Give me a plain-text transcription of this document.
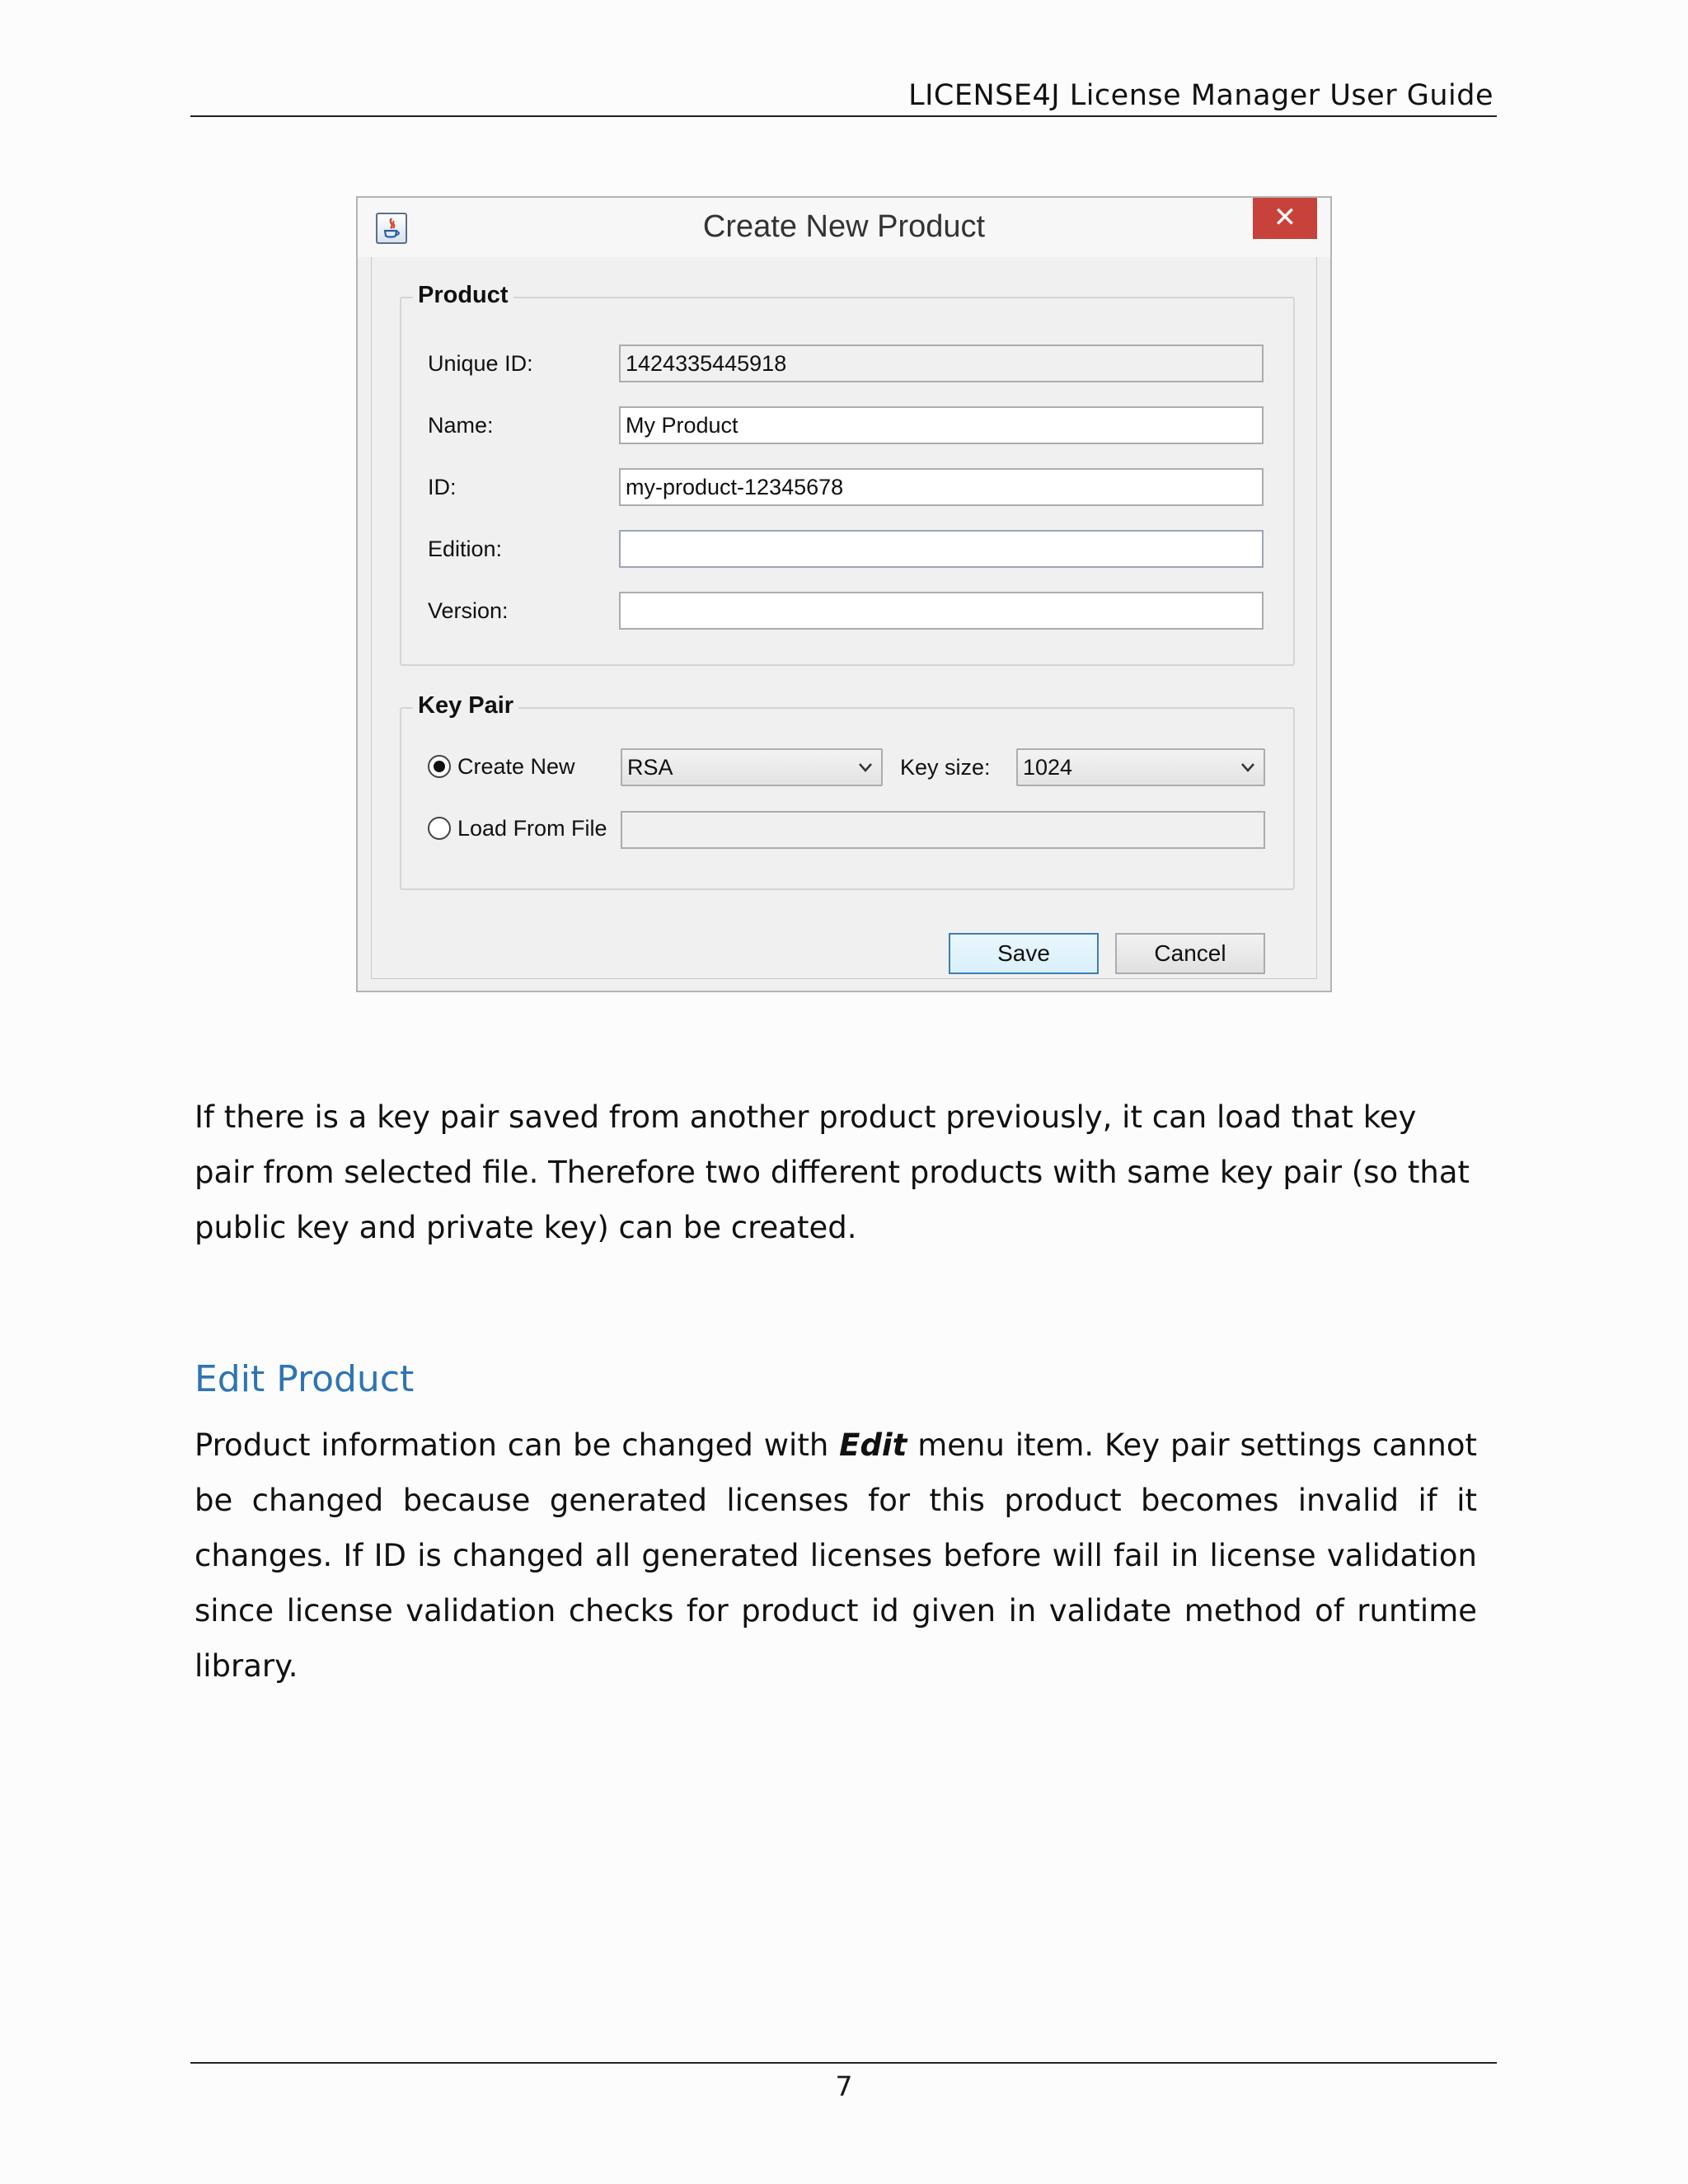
LICENSE4J License Manager User Guide
Create New Product	✕
Product
Unique ID:
1424335445918
Name:
My Product
ID:
my-product-12345678
Edition:
Version:
Key Pair
Create New RSA	Key size: 1024
Load From File
Save	Cancel
If there is a key pair saved from another product previously, it can load that key pair from selected file. Therefore two different products with same key pair (so that public key and private key) can be created.
Edit Product
Product information can be changed with Edit menu item. Key pair settings cannot be changed because generated licenses for this product becomes invalid if it changes. If ID is changed all generated licenses before will fail in license validation since license validation checks for product id given in validate method of runtime library.
7
